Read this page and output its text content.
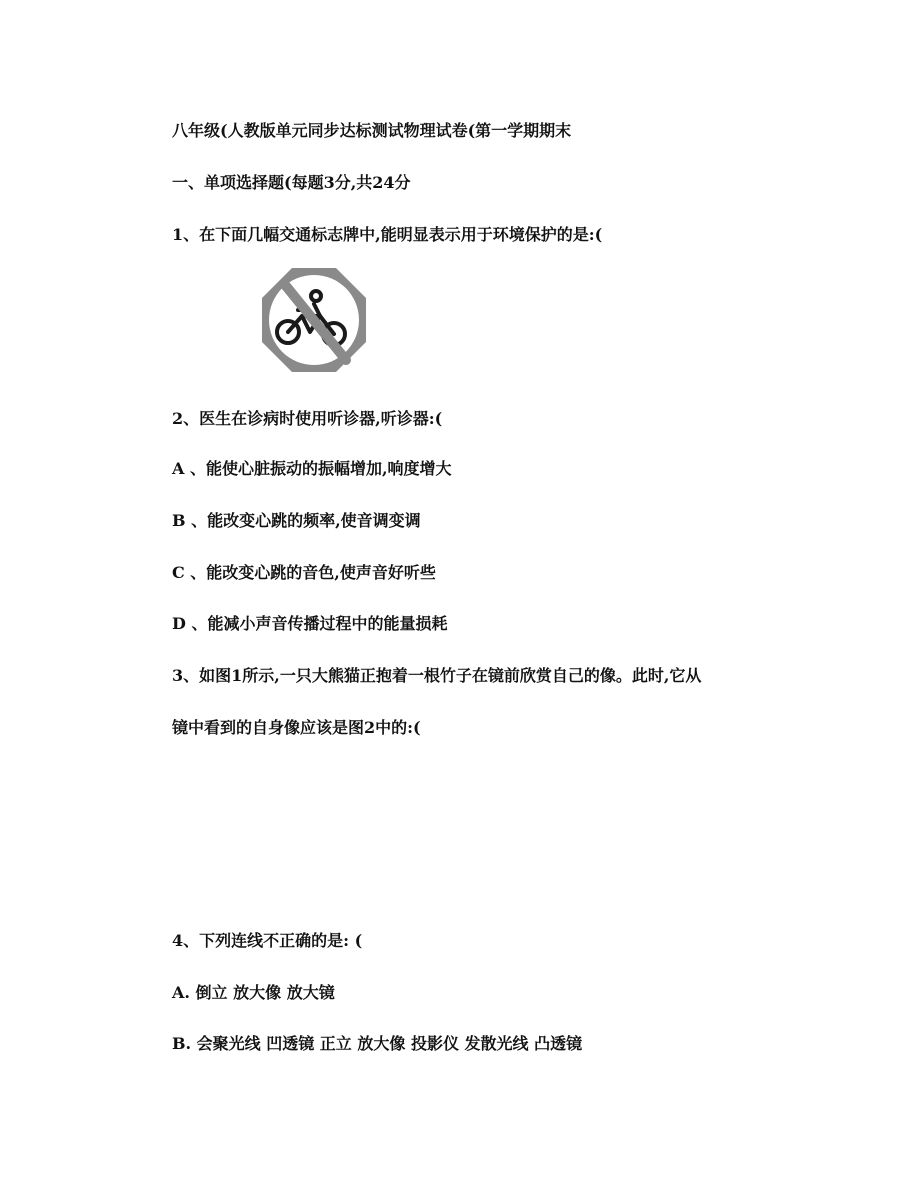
八年级(人教版单元同步达标测试物理试卷(第一学期期末
一、单项选择题(每题3分,共24分
1、在下面几幅交通标志牌中,能明显表示用于环境保护的是:(
2、医生在诊病时使用听诊器,听诊器:(
A 、能使心脏振动的振幅增加,响度增大
B 、能改变心跳的频率,使音调变调
C 、能改变心跳的音色,使声音好听些
D 、能减小声音传播过程中的能量损耗
3、如图1所示,一只大熊猫正抱着一根竹子在镜前欣赏自己的像。此时,它从
镜中看到的自身像应该是图2中的:(
4、下列连线不正确的是: (
A. 倒立 放大像 放大镜
B. 会聚光线 凹透镜 正立 放大像 投影仪 发散光线 凸透镜
